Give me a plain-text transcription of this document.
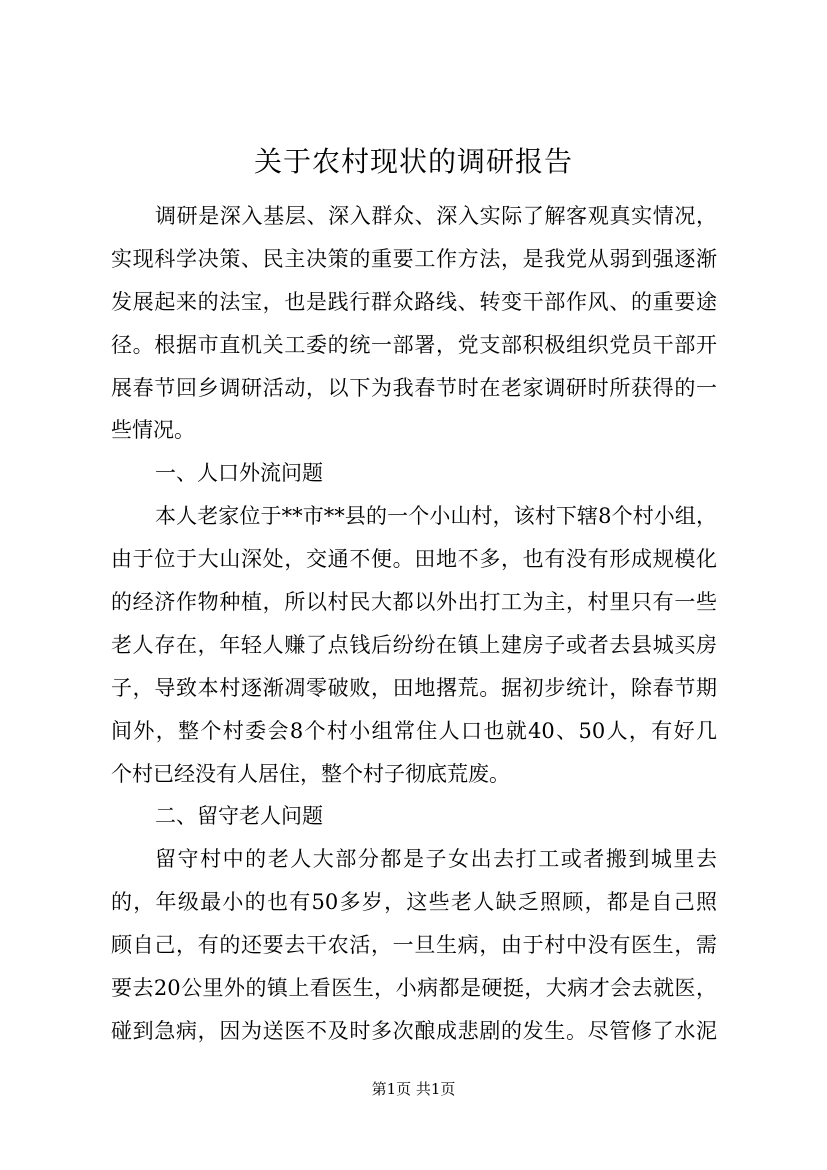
关于农村现状的调研报告
调研是深入基层、深入群众、深入实际了解客观真实情况，
实现科学决策、民主决策的重要工作方法，是我党从弱到强逐渐
发展起来的法宝，也是践行群众路线、转变干部作风、的重要途
径。根据市直机关工委的统一部署，党支部积极组织党员干部开
展春节回乡调研活动，以下为我春节时在老家调研时所获得的一
些情况。
一、人口外流问题
本人老家位于**市**县的一个小山村，该村下辖8个村小组，
由于位于大山深处，交通不便。田地不多，也有没有形成规模化
的经济作物种植，所以村民大都以外出打工为主，村里只有一些
老人存在，年轻人赚了点钱后纷纷在镇上建房子或者去县城买房
子，导致本村逐渐凋零破败，田地撂荒。据初步统计，除春节期
间外，整个村委会8个村小组常住人口也就40、50人，有好几
个村已经没有人居住，整个村子彻底荒废。
二、留守老人问题
留守村中的老人大部分都是子女出去打工或者搬到城里去
的，年级最小的也有50多岁，这些老人缺乏照顾，都是自己照
顾自己，有的还要去干农活，一旦生病，由于村中没有医生，需
要去20公里外的镇上看医生，小病都是硬挺，大病才会去就医，
碰到急病，因为送医不及时多次酿成悲剧的发生。尽管修了水泥
第1页 共1页
